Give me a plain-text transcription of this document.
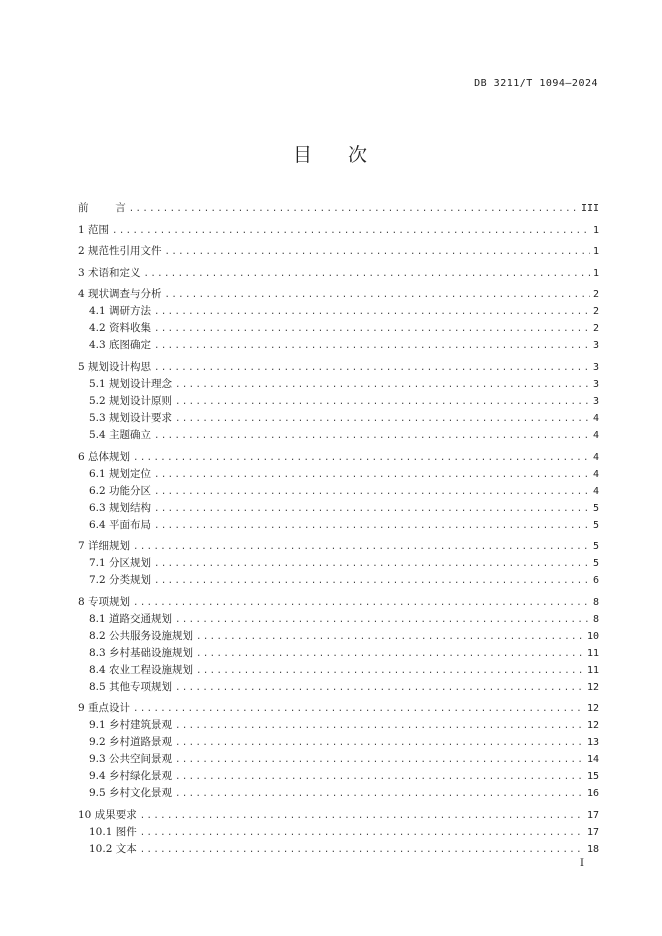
DB 3211/T 1094—2024
目 次
前        言 .....	III
1 范围 .....	1
2 规范性引用文件 .....	1
3 术语和定义 .....	1
4 现状调查与分析 .....	2
4.1 调研方法 .....	2
4.2 资料收集 .....	2
4.3 底图确定 .....	3
5 规划设计构思 .....	3
5.1 规划设计理念 .....	3
5.2 规划设计原则 .....	3
5.3 规划设计要求 .....	4
5.4 主题确立 .....	4
6 总体规划 .....	4
6.1 规划定位 .....	4
6.2 功能分区 .....	4
6.3 规划结构 .....	5
6.4 平面布局 .....	5
7 详细规划 .....	5
7.1 分区规划 .....	5
7.2 分类规划 .....	6
8 专项规划 .....	8
8.1 道路交通规划 .....	8
8.2 公共服务设施规划 .....	10
8.3 乡村基础设施规划 .....	11
8.4 农业工程设施规划 .....	11
8.5 其他专项规划 .....	12
9 重点设计 .....	12
9.1 乡村建筑景观 .....	12
9.2 乡村道路景观 .....	13
9.3 公共空间景观 .....	14
9.4 乡村绿化景观 .....	15
9.5 乡村文化景观 .....	16
10 成果要求 .....	17
10.1 图件 .....	17
10.2 文本 .....	18
I
